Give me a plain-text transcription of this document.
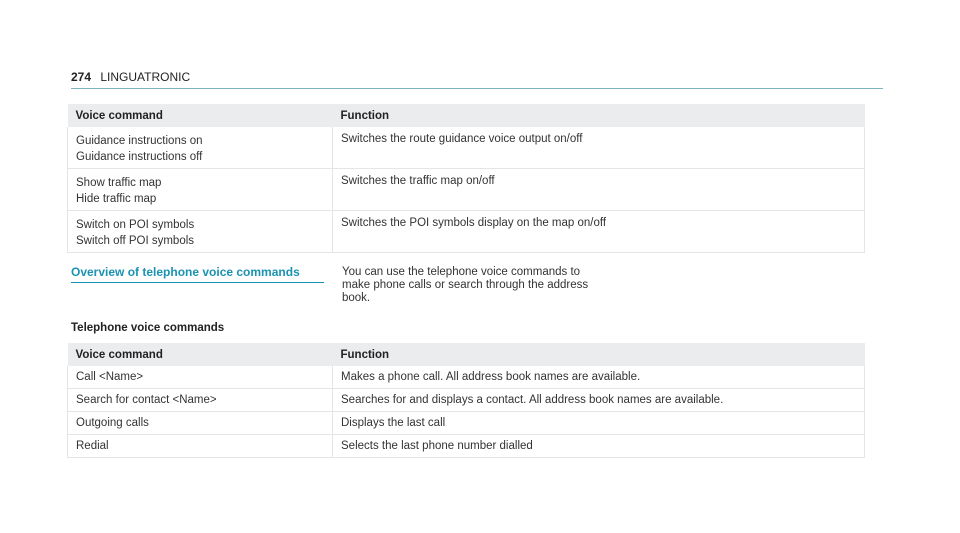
274 LINGUATRONIC
Voice command	Function

Guidance instructions on
Guidance instructions off	Switches the route guidance voice output on/off

Show traffic map
Hide traffic map	Switches the traffic map on/off

Switch on POI symbols
Switch off POI symbols	Switches the POI symbols display on the map on/off
Overview of telephone voice commands	You can use the telephone voice commands to make phone calls or search through the address book.
Telephone voice commands
Voice command	Function
Call <Name>	Makes a phone call. All address book names are available.
Search for contact <Name>	Searches for and displays a contact. All address book names are available.
Outgoing calls	Displays the last call
Redial	Selects the last phone number dialled
